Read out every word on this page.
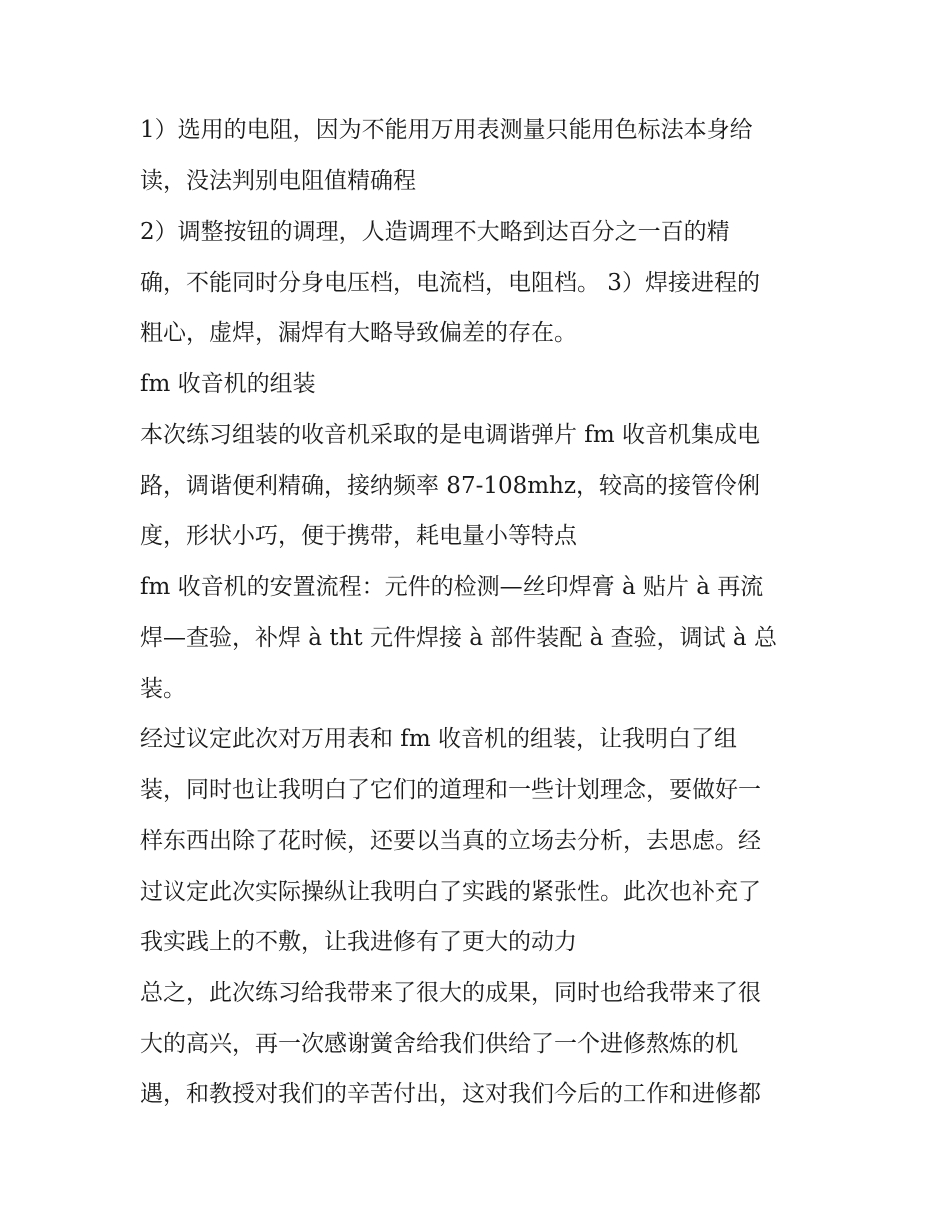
1）选用的电阻，因为不能用万用表测量只能用色标法本身给
读，没法判别电阻值精确程
2）调整按钮的调理，人造调理不大略到达百分之一百的精
确，不能同时分身电压档，电流档，电阻档。 3）焊接进程的
粗心，虚焊，漏焊有大略导致偏差的存在。
fm 收音机的组装
本次练习组装的收音机采取的是电调谐弹片 fm 收音机集成电
路，调谐便利精确，接纳频率 87-108mhz，较高的接管伶俐
度，形状小巧，便于携带，耗电量小等特点
fm 收音机的安置流程：元件的检测—丝印焊膏 à 贴片 à 再流
焊—查验，补焊 à tht 元件焊接 à 部件装配 à 查验，调试 à 总
装。
经过议定此次对万用表和 fm 收音机的组装，让我明白了组
装，同时也让我明白了它们的道理和一些计划理念，要做好一
样东西出除了花时候，还要以当真的立场去分析，去思虑。经
过议定此次实际操纵让我明白了实践的紧张性。此次也补充了
我实践上的不敷，让我进修有了更大的动力
总之，此次练习给我带来了很大的成果，同时也给我带来了很
大的高兴，再一次感谢黉舍给我们供给了一个进修熬炼的机
遇，和教授对我们的辛苦付出，这对我们今后的工作和进修都
